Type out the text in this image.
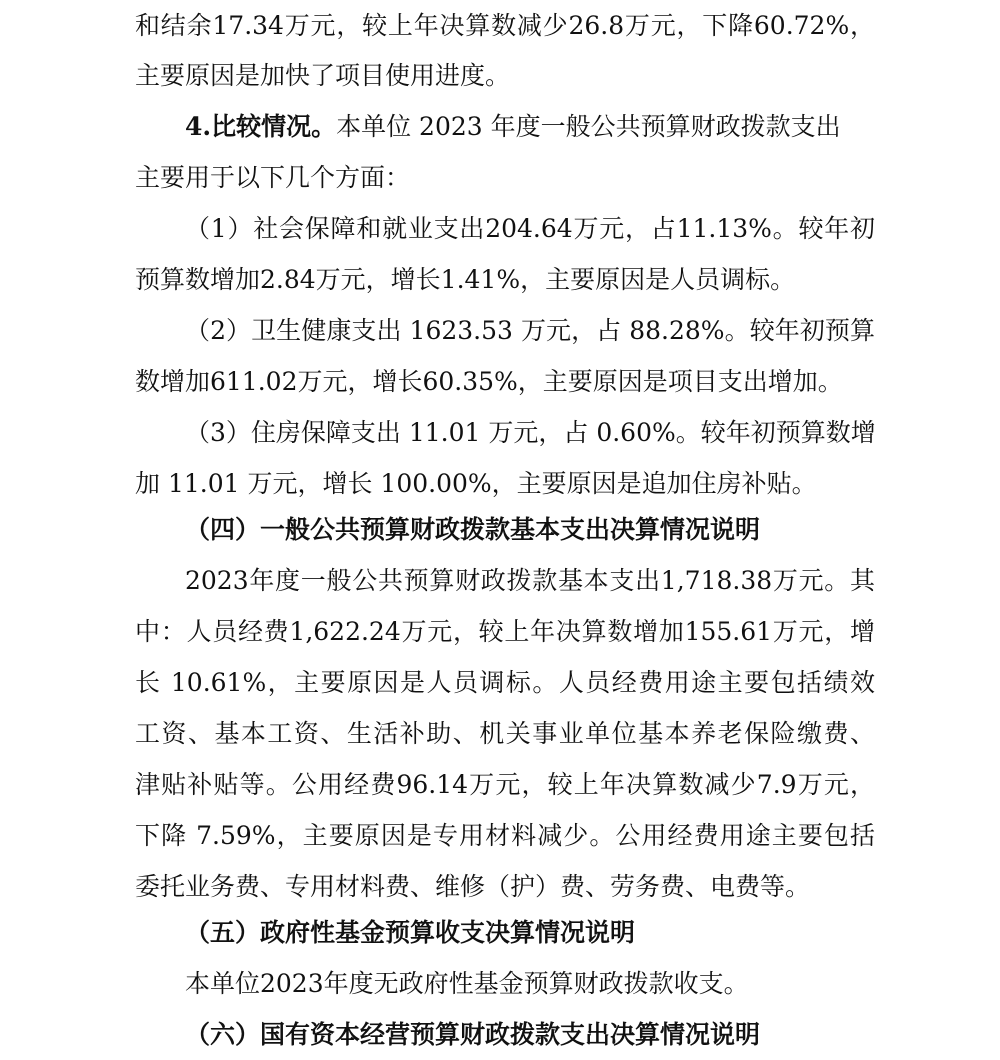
和结余17.34万元，较上年决算数减少26.8万元，下降60.72%，
主要原因是加快了项目使用进度。
4.比较情况。本单位 2023 年度一般公共预算财政拨款支出
主要用于以下几个方面：
（1）社会保障和就业支出204.64万元，占11.13%。较年初
预算数增加2.84万元，增长1.41%，主要原因是人员调标。
（2）卫生健康支出 1623.53 万元，占 88.28%。较年初预算
数增加611.02万元，增长60.35%，主要原因是项目支出增加。
（3）住房保障支出 11.01 万元，占 0.60%。较年初预算数增
加 11.01 万元，增长 100.00%，主要原因是追加住房补贴。
（四）一般公共预算财政拨款基本支出决算情况说明
2023年度一般公共预算财政拨款基本支出1,718.38万元。其
中：人员经费1,622.24万元，较上年决算数增加155.61万元，增
长 10.61%，主要原因是人员调标。人员经费用途主要包括绩效
工资、基本工资、生活补助、机关事业单位基本养老保险缴费、
津贴补贴等。公用经费96.14万元，较上年决算数减少7.9万元，
下降 7.59%，主要原因是专用材料减少。公用经费用途主要包括
委托业务费、专用材料费、维修（护）费、劳务费、电费等。
（五）政府性基金预算收支决算情况说明
本单位2023年度无政府性基金预算财政拨款收支。
（六）国有资本经营预算财政拨款支出决算情况说明
